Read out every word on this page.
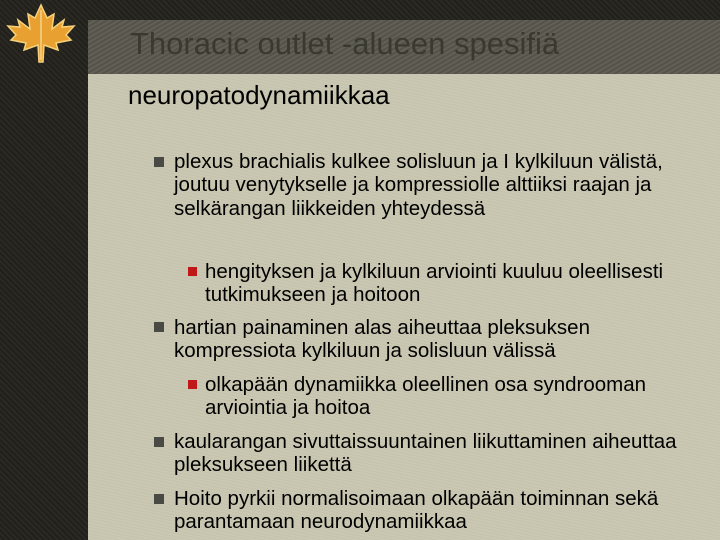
Thoracic outlet -alueen spesifiä
neuropatodynamiikkaa
plexus brachialis kulkee solisluun ja I kylkiluun välistä, joutuu venytykselle ja kompressiolle alttiiksi raajan ja selkärangan liikkeiden yhteydessä
hengityksen ja kylkiluun arviointi kuuluu oleellisesti tutkimukseen ja hoitoon
hartian painaminen alas aiheuttaa pleksuksen kompressiota kylkiluun ja solisluun välissä
olkapään dynamiikka oleellinen osa syndrooman arviointia ja hoitoa
kaularangan sivuttaissuuntainen liikuttaminen aiheuttaa pleksukseen liikettä
Hoito pyrkii normalisoimaan olkapään toiminnan sekä parantamaan neurodynamiikkaa
